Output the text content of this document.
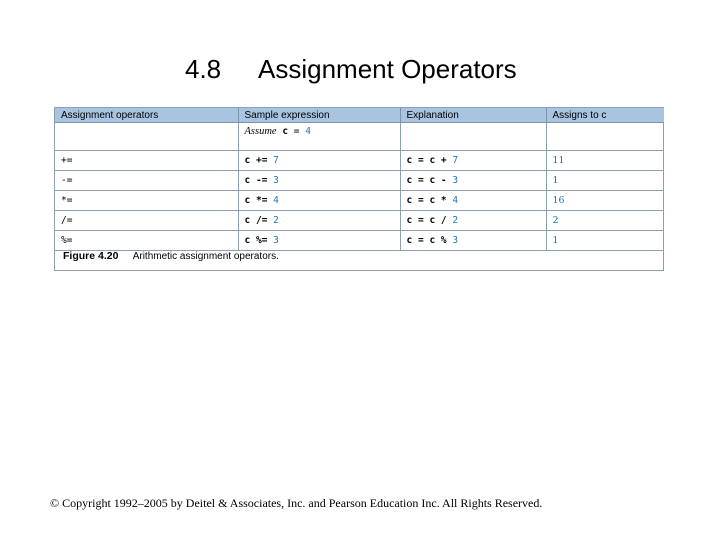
4.8 Assignment Operators
Assignment operators	Sample expression	Explanation	Assigns to c
	Assume c = 4		
+=	c += 7	c = c + 7	11
-=	c -= 3	c = c - 3	1
*=	c *= 4	c = c * 4	16
/=	c /= 2	c = c / 2	2
%=	c %= 3	c = c % 3	1
Figure 4.20 Arithmetic assignment operators.
© Copyright 1992–2005 by Deitel & Associates, Inc. and Pearson Education Inc. All Rights Reserved.
